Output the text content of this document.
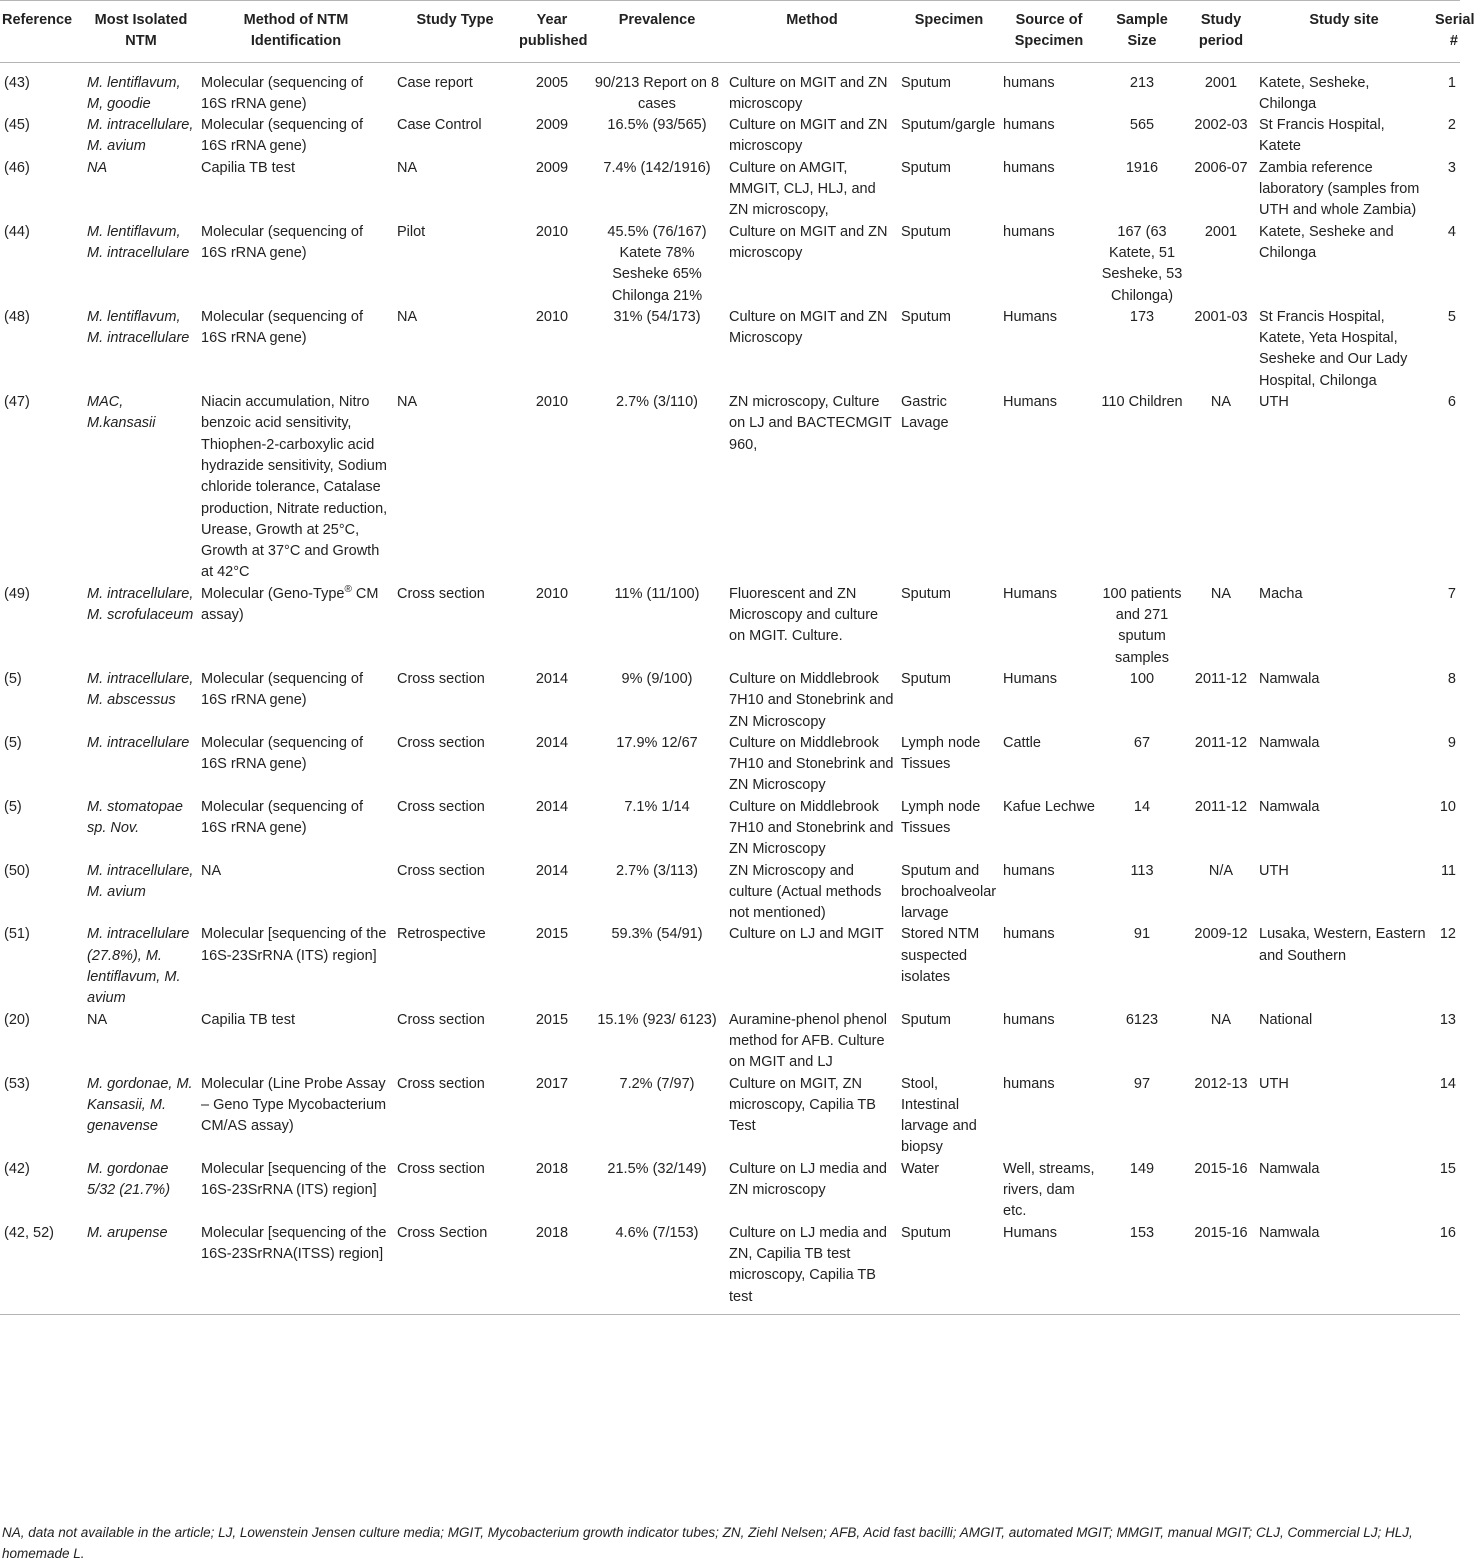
Reference	Most Isolated NTM	Method of NTM Identification	Study Type	Year published	Prevalence	Method	Specimen	Source of Specimen	Sample Size	Study period	Study site	Serial #
(43)	M. lentiflavum, M, goodie	Molecular (sequencing of 16S rRNA gene)	Case report	2005	90/213 Report on 8 cases	Culture on MGIT and ZN microscopy	Sputum	humans	213	2001	Katete, Sesheke, Chilonga	1
(45)	M. intracellulare, M. avium	Molecular (sequencing of 16S rRNA gene)	Case Control	2009	16.5% (93/565)	Culture on MGIT and ZN microscopy	Sputum/gargle	humans	565	2002-03	St Francis Hospital, Katete	2
(46)	NA	Capilia TB test	NA	2009	7.4% (142/1916)	Culture on AMGIT, MMGIT, CLJ, HLJ, and ZN microscopy,	Sputum	humans	1916	2006-07	Zambia reference laboratory (samples from UTH and whole Zambia)	3
(44)	M. lentiflavum, M. intracellulare	Molecular (sequencing of 16S rRNA gene)	Pilot	2010	45.5% (76/167) Katete 78% Sesheke 65% Chilonga 21%	Culture on MGIT and ZN microscopy	Sputum	humans	167 (63 Katete, 51 Sesheke, 53 Chilonga)	2001	Katete, Sesheke and Chilonga	4
(48)	M. lentiflavum, M. intracellulare	Molecular (sequencing of 16S rRNA gene)	NA	2010	31% (54/173)	Culture on MGIT and ZN Microscopy	Sputum	Humans	173	2001-03	St Francis Hospital, Katete, Yeta Hospital, Sesheke and Our Lady Hospital, Chilonga	5
(47)	MAC, M.kansasii	Niacin accumulation, Nitro benzoic acid sensitivity, Thiophen-2-carboxylic acid hydrazide sensitivity, Sodium chloride tolerance, Catalase production, Nitrate reduction, Urease, Growth at 25°C, Growth at 37°C and Growth at 42°C	NA	2010	2.7% (3/110)	ZN microscopy, Culture on LJ and BACTECMGIT 960,	Gastric Lavage	Humans	110 Children	NA	UTH	6
(49)	M. intracellulare, M. scrofulaceum	Molecular (Geno-Type® CM assay)	Cross section	2010	11% (11/100)	Fluorescent and ZN Microscopy and culture on MGIT. Culture.	Sputum	Humans	100 patients and 271 sputum samples	NA	Macha	7
(5)	M. intracellulare, M. abscessus	Molecular (sequencing of 16S rRNA gene)	Cross section	2014	9% (9/100)	Culture on Middlebrook 7H10 and Stonebrink and ZN Microscopy	Sputum	Humans	100	2011-12	Namwala	8
(5)	M. intracellulare	Molecular (sequencing of 16S rRNA gene)	Cross section	2014	17.9% 12/67	Culture on Middlebrook 7H10 and Stonebrink and ZN Microscopy	Lymph node Tissues	Cattle	67	2011-12	Namwala	9
(5)	M. stomatopae sp. Nov.	Molecular (sequencing of 16S rRNA gene)	Cross section	2014	7.1% 1/14	Culture on Middlebrook 7H10 and Stonebrink and ZN Microscopy	Lymph node Tissues	Kafue Lechwe	14	2011-12	Namwala	10
(50)	M. intracellulare, M. avium	NA	Cross section	2014	2.7% (3/113)	ZN Microscopy and culture (Actual methods not mentioned)	Sputum and brochoalveolar larvage	humans	113	N/A	UTH	11
(51)	M. intracellulare (27.8%), M. lentiflavum, M. avium	Molecular [sequencing of the 16S-23SrRNA (ITS) region]	Retrospective	2015	59.3% (54/91)	Culture on LJ and MGIT	Stored NTM suspected isolates	humans	91	2009-12	Lusaka, Western, Eastern and Southern	12
(20)	NA	Capilia TB test	Cross section	2015	15.1% (923/ 6123)	Auramine-phenol phenol method for AFB. Culture on MGIT and LJ	Sputum	humans	6123	NA	National	13
(53)	M. gordonae, M. Kansasii, M. genavense	Molecular (Line Probe Assay – Geno Type Mycobacterium CM/AS assay)	Cross section	2017	7.2% (7/97)	Culture on MGIT, ZN microscopy, Capilia TB Test	Stool, Intestinal larvage and biopsy	humans	97	2012-13	UTH	14
(42)	M. gordonae 5/32 (21.7%)	Molecular [sequencing of the 16S-23SrRNA (ITS) region]	Cross section	2018	21.5% (32/149)	Culture on LJ media and ZN microscopy	Water	Well, streams, rivers, dam etc.	149	2015-16	Namwala	15
(42, 52)	M. arupense	Molecular [sequencing of the 16S-23SrRNA(ITSS) region]	Cross Section	2018	4.6% (7/153)	Culture on LJ media and ZN, Capilia TB test microscopy, Capilia TB test	Sputum	Humans	153	2015-16	Namwala	16
NA, data not available in the article; LJ, Lowenstein Jensen culture media; MGIT, Mycobacterium growth indicator tubes; ZN, Ziehl Nelsen; AFB, Acid fast bacilli; AMGIT, automated MGIT; MMGIT, manual MGIT; CLJ, Commercial LJ; HLJ, homemade L.
